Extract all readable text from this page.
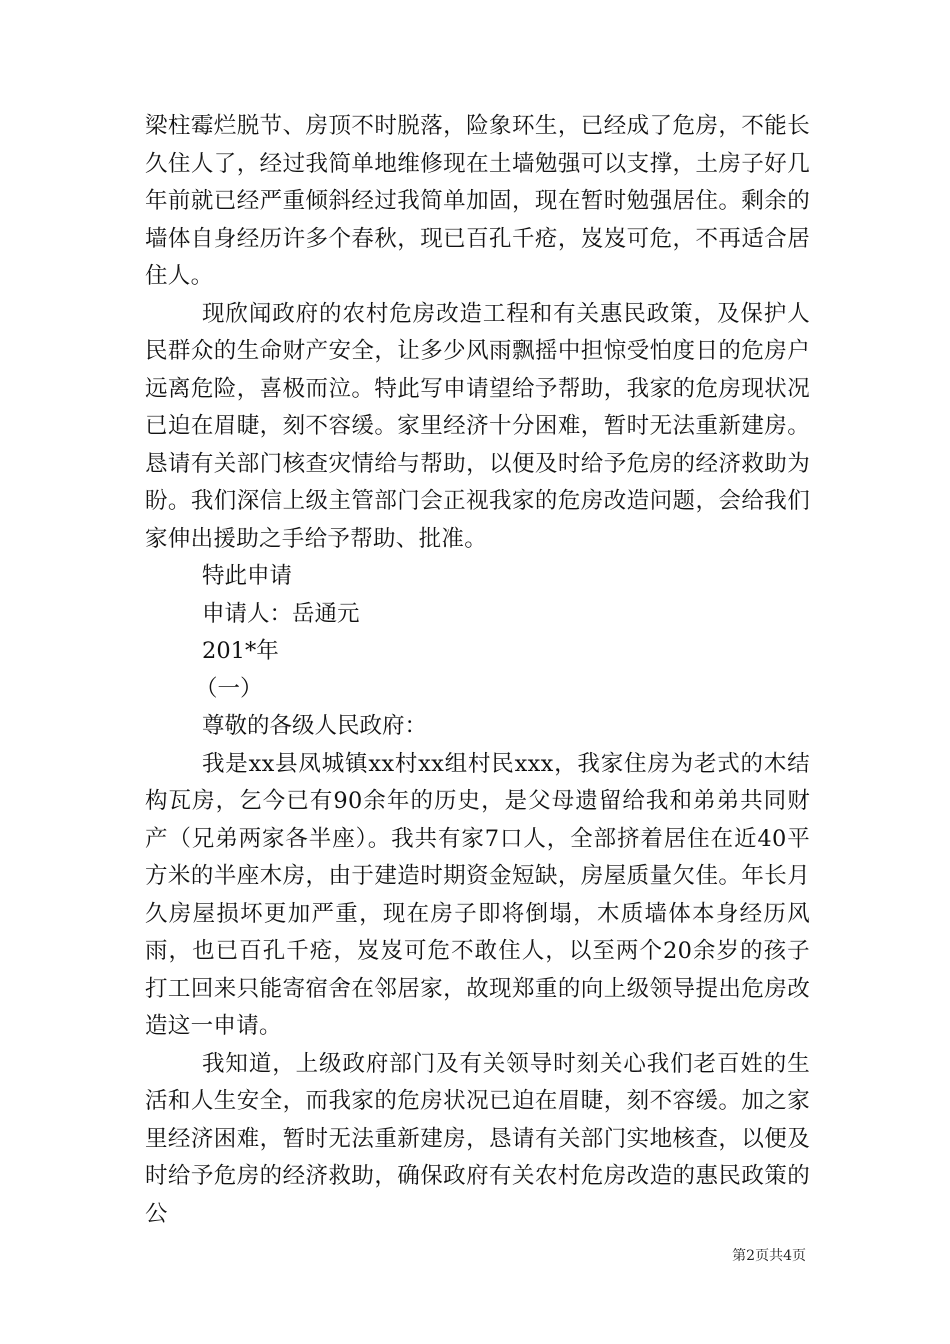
梁柱霉烂脱节、房顶不时脱落，险象环生，已经成了危房，不能长久住人了，经过我简单地维修现在土墙勉强可以支撑，土房子好几年前就已经严重倾斜经过我简单加固，现在暂时勉强居住。剩余的墙体自身经历许多个春秋，现已百孔千疮，岌岌可危，不再适合居住人。

现欣闻政府的农村危房改造工程和有关惠民政策，及保护人民群众的生命财产安全，让多少风雨飘摇中担惊受怕度日的危房户远离危险，喜极而泣。特此写申请望给予帮助，我家的危房现状况已迫在眉睫，刻不容缓。家里经济十分困难，暂时无法重新建房。恳请有关部门核查灾情给与帮助，以便及时给予危房的经济救助为盼。我们深信上级主管部门会正视我家的危房改造问题，会给我们家伸出援助之手给予帮助、批准。

特此申请

申请人：岳通元

201*年

（一）

尊敬的各级人民政府：

我是xx县凤城镇xx村xx组村民xxx，我家住房为老式的木结构瓦房，乞今已有90余年的历史，是父母遗留给我和弟弟共同财产（兄弟两家各半座）。我共有家7口人，全部挤着居住在近40平方米的半座木房，由于建造时期资金短缺，房屋质量欠佳。年长月久房屋损坏更加严重，现在房子即将倒塌，木质墙体本身经历风雨，也已百孔千疮，岌岌可危不敢住人，以至两个20余岁的孩子打工回来只能寄宿舍在邻居家，故现郑重的向上级领导提出危房改造这一申请。

我知道，上级政府部门及有关领导时刻关心我们老百姓的生活和人生安全，而我家的危房状况已迫在眉睫，刻不容缓。加之家里经济困难，暂时无法重新建房，恳请有关部门实地核查，以便及时给予危房的经济救助，确保政府有关农村危房改造的惠民政策的公

第2页共4页
